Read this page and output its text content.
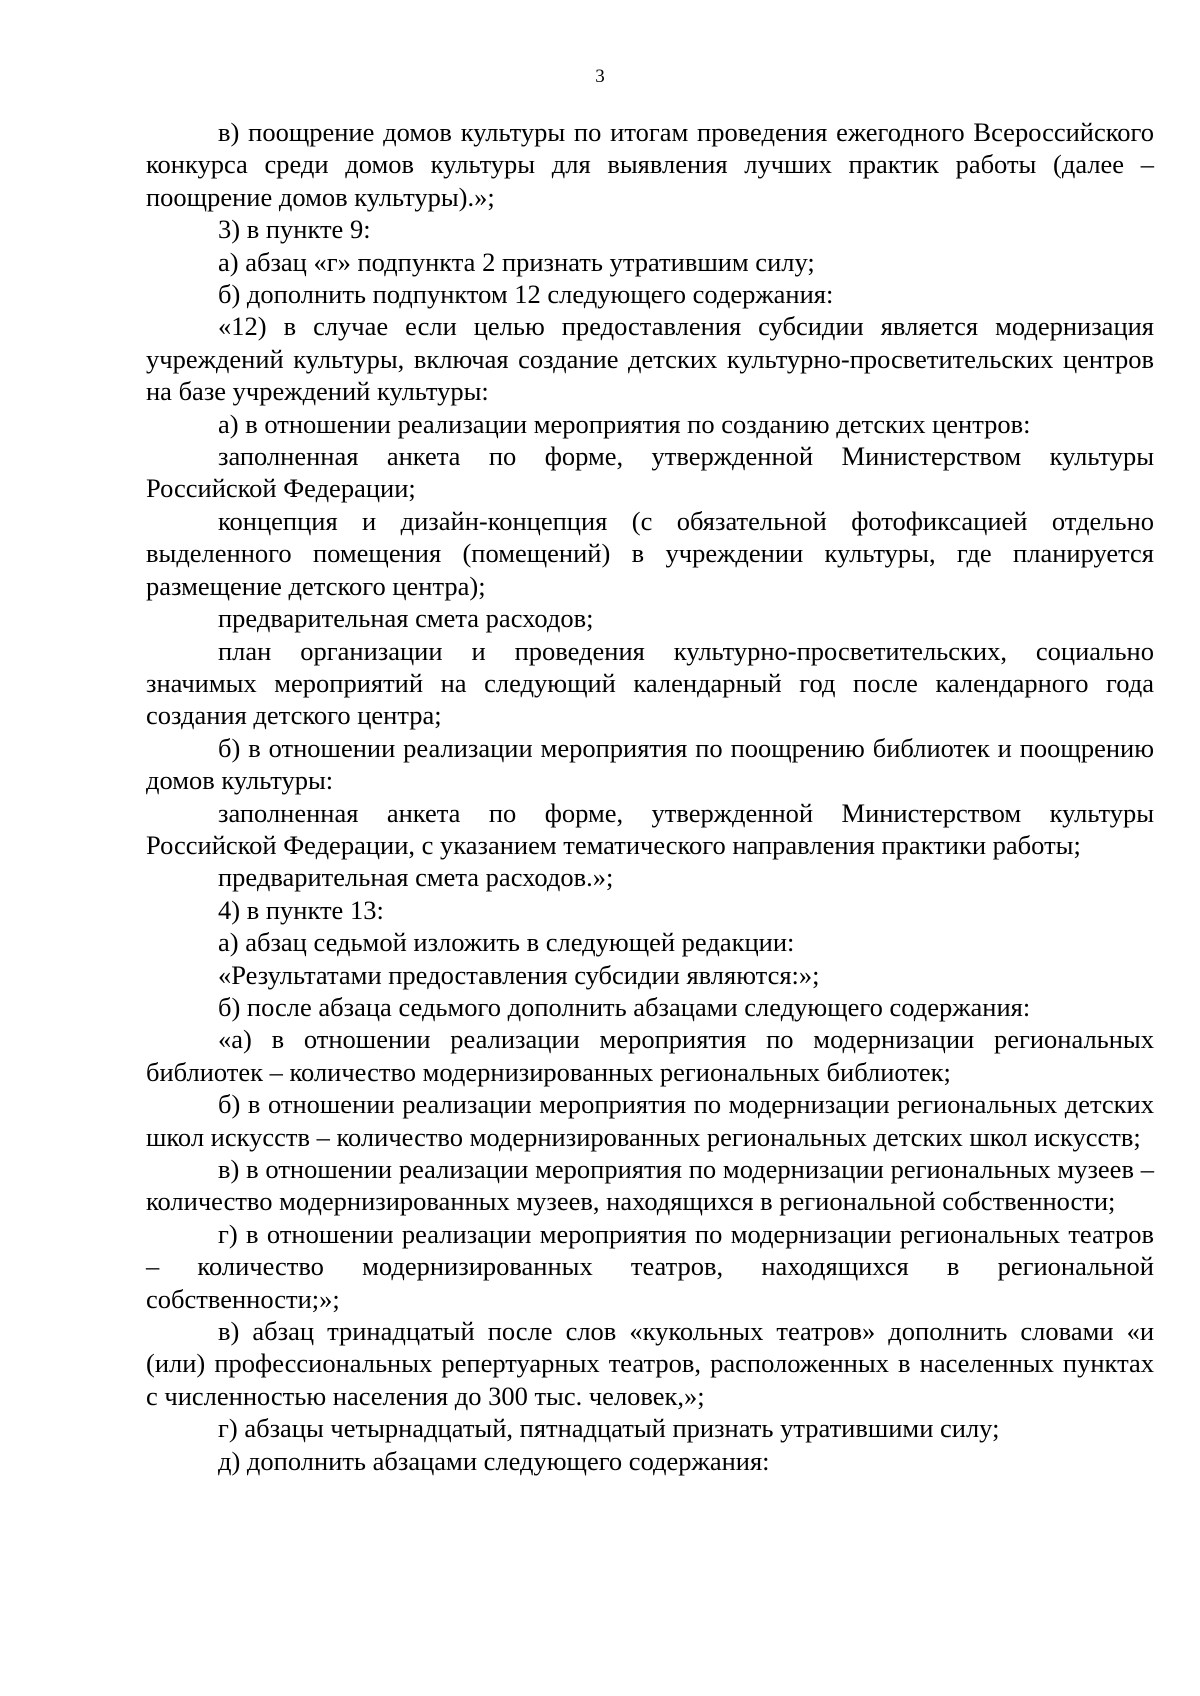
3

в) поощрение домов культуры по итогам проведения ежегодного Всероссийского конкурса среди домов культуры для выявления лучших практик работы (далее – поощрение домов культуры).»;

3) в пункте 9:

а) абзац «г» подпункта 2 признать утратившим силу;

б) дополнить подпунктом 12 следующего содержания:

«12) в случае если целью предоставления субсидии является модернизация учреждений культуры, включая создание детских культурно-просветительских центров на базе учреждений культуры:

а) в отношении реализации мероприятия по созданию детских центров:

заполненная анкета по форме, утвержденной Министерством культуры Российской Федерации;

концепция и дизайн-концепция (с обязательной фотофиксацией отдельно выделенного помещения (помещений) в учреждении культуры, где планируется размещение детского центра);

предварительная смета расходов;

план организации и проведения культурно-просветительских, социально значимых мероприятий на следующий календарный год после календарного года создания детского центра;

б) в отношении реализации мероприятия по поощрению библиотек и поощрению домов культуры:

заполненная анкета по форме, утвержденной Министерством культуры Российской Федерации, с указанием тематического направления практики работы;

предварительная смета расходов.»;

4) в пункте 13:

а) абзац седьмой изложить в следующей редакции:

«Результатами предоставления субсидии являются:»;

б) после абзаца седьмого дополнить абзацами следующего содержания:

«а) в отношении реализации мероприятия по модернизации региональных библиотек – количество модернизированных региональных библиотек;

б) в отношении реализации мероприятия по модернизации региональных детских школ искусств – количество модернизированных региональных детских школ искусств;

в) в отношении реализации мероприятия по модернизации региональных музеев – количество модернизированных музеев, находящихся в региональной собственности;

г) в отношении реализации мероприятия по модернизации региональных театров – количество модернизированных театров, находящихся в региональной собственности;»;

в) абзац тринадцатый после слов «кукольных театров» дополнить словами «и (или) профессиональных репертуарных театров, расположенных в населенных пунктах с численностью населения до 300 тыс. человек,»;

г) абзацы четырнадцатый, пятнадцатый признать утратившими силу;

д) дополнить абзацами следующего содержания:
